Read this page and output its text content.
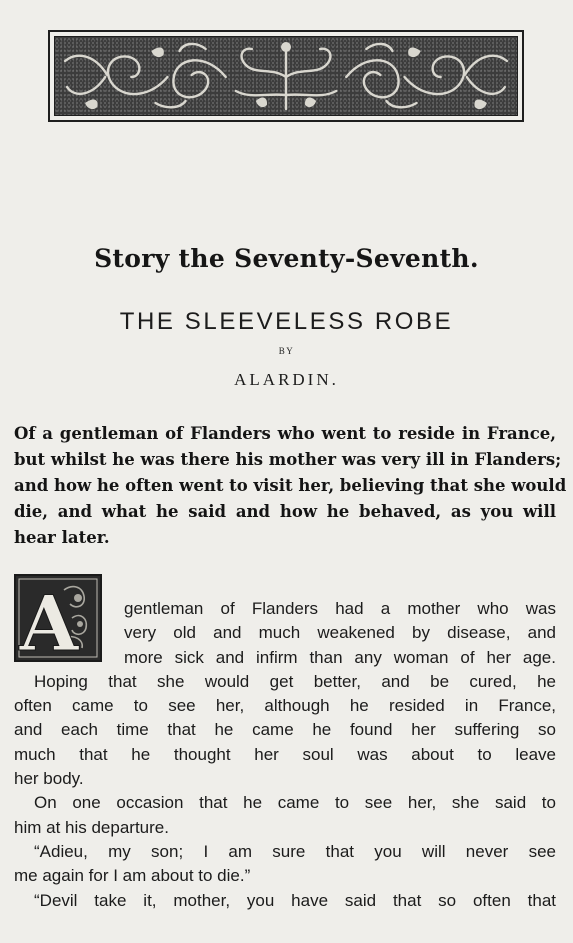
Story the Seventy-Seventh.
THE SLEEVELESS ROBE
BY
ALARDIN.
Of a gentleman of Flanders who went to reside in France,
but whilst he was there his mother was very ill in Flanders;
and how he often went to visit her, believing that she would
die, and what he said and how he behaved, as you will
hear later.
A	gentleman of Flanders had a mother who was
very old and much weakened by disease, and
more sick and infirm than any woman of her age.
Hoping that she would get better, and be cured, he
often came to see her, although he resided in France,
and each time that he came he found her suffering so
much that he thought her soul was about to leave
her body.
On one occasion that he came to see her, she said to
him at his departure.
“Adieu, my son; I am sure that you will never see
me again for I am about to die.”
“Devil take it, mother, you have said that so often that
